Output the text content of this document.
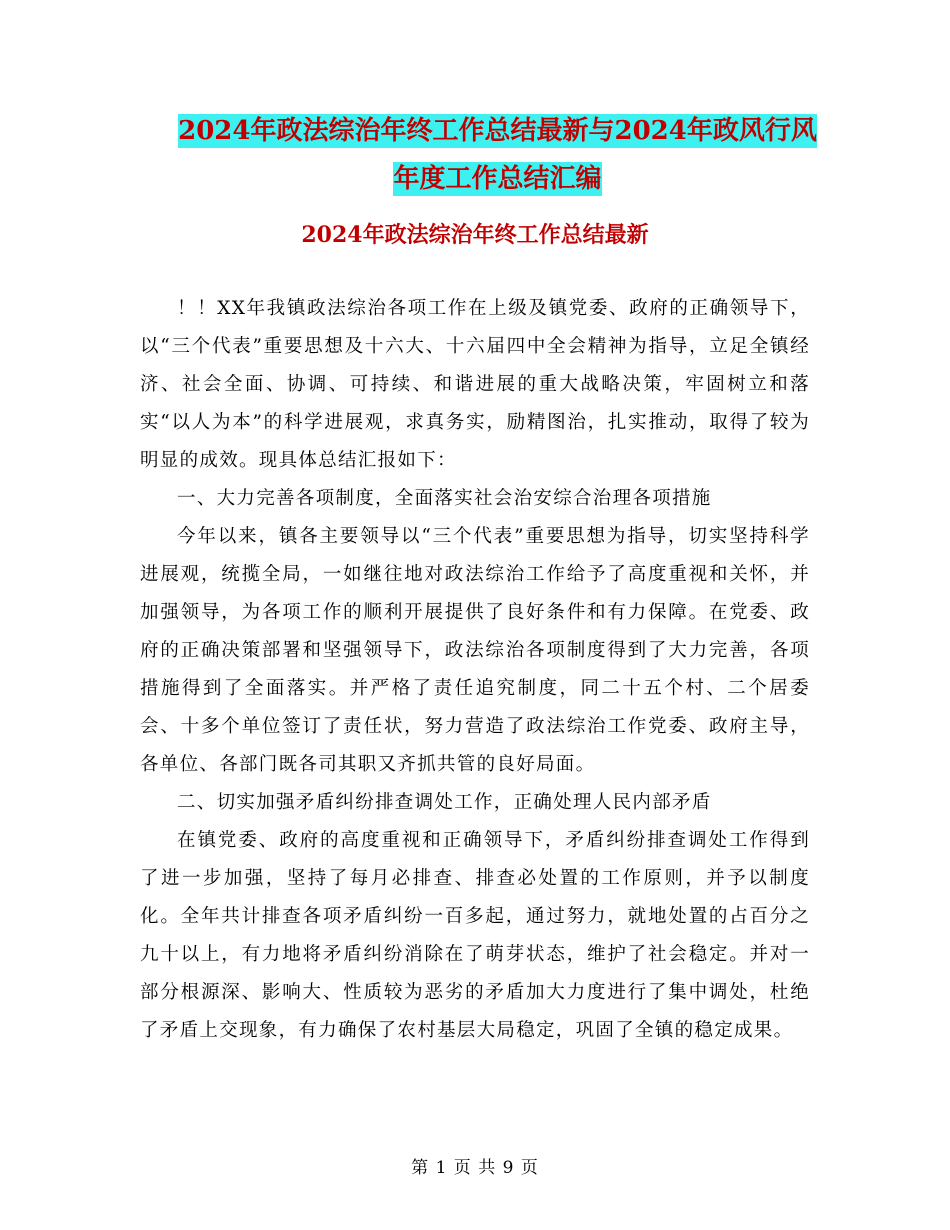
2024年政法综治年终工作总结最新与2024年政风行风
年度工作总结汇编
2024年政法综治年终工作总结最新

！！XX年我镇政法综治各项工作在上级及镇党委、政府的正确领导下，以“三个代表”重要思想及十六大、十六届四中全会精神为指导，立足全镇经济、社会全面、协调、可持续、和谐进展的重大战略决策，牢固树立和落实“以人为本”的科学进展观，求真务实，励精图治，扎实推动，取得了较为明显的成效。现具体总结汇报如下：

一、大力完善各项制度，全面落实社会治安综合治理各项措施

今年以来，镇各主要领导以“三个代表”重要思想为指导，切实坚持科学进展观，统揽全局，一如继往地对政法综治工作给予了高度重视和关怀，并加强领导，为各项工作的顺利开展提供了良好条件和有力保障。在党委、政府的正确决策部署和坚强领导下，政法综治各项制度得到了大力完善，各项措施得到了全面落实。并严格了责任追究制度，同二十五个村、二个居委会、十多个单位签订了责任状，努力营造了政法综治工作党委、政府主导，各单位、各部门既各司其职又齐抓共管的良好局面。

二、切实加强矛盾纠纷排查调处工作，正确处理人民内部矛盾

在镇党委、政府的高度重视和正确领导下，矛盾纠纷排查调处工作得到了进一步加强，坚持了每月必排查、排查必处置的工作原则，并予以制度化。全年共计排查各项矛盾纠纷一百多起，通过努力，就地处置的占百分之九十以上，有力地将矛盾纠纷消除在了萌芽状态，维护了社会稳定。并对一部分根源深、影响大、性质较为恶劣的矛盾加大力度进行了集中调处，杜绝了矛盾上交现象，有力确保了农村基层大局稳定，巩固了全镇的稳定成果。

第 1 页 共 9 页
